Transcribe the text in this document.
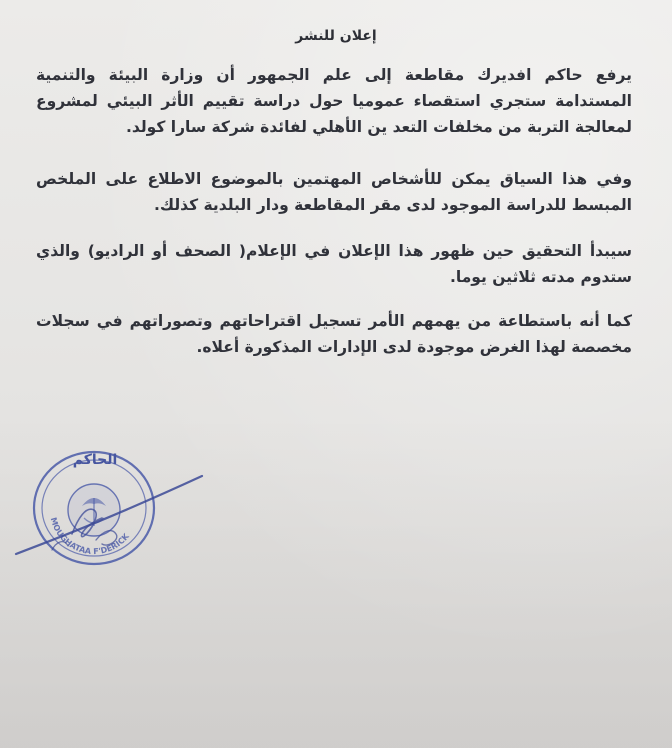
إعلان للنشر
يرفع حاكم افديرك مقاطعة إلى علم الجمهور أن وزارة البيئة والتنمية المستدامة ستجري استقصاء عموميا حول دراسة تقييم الأثر البيئي لمشروع لمعالجة التربة من مخلفات التعد ين الأهلي لفائدة شركة سارا كولد.
وفي هذا السياق يمكن للأشخاص المهتمين بالموضوع الاطلاع على الملخص المبسط للدراسة الموجود لدى مقر المقاطعة ودار البلدية كذلك.
سيبدأ التحقيق حين ظهور هذا الإعلان في الإعلام( الصحف أو الراديو) والذي ستدوم مدته ثلاثين يوما.
كما أنه باستطاعة من يهمهم الأمر تسجيل اقتراحاتهم وتصوراتهم في سجلات مخصصة لهذا الغرض موجودة لدى الإدارات المذكورة أعلاه.
MOUGHATAA F'DERICK
الحاكم
